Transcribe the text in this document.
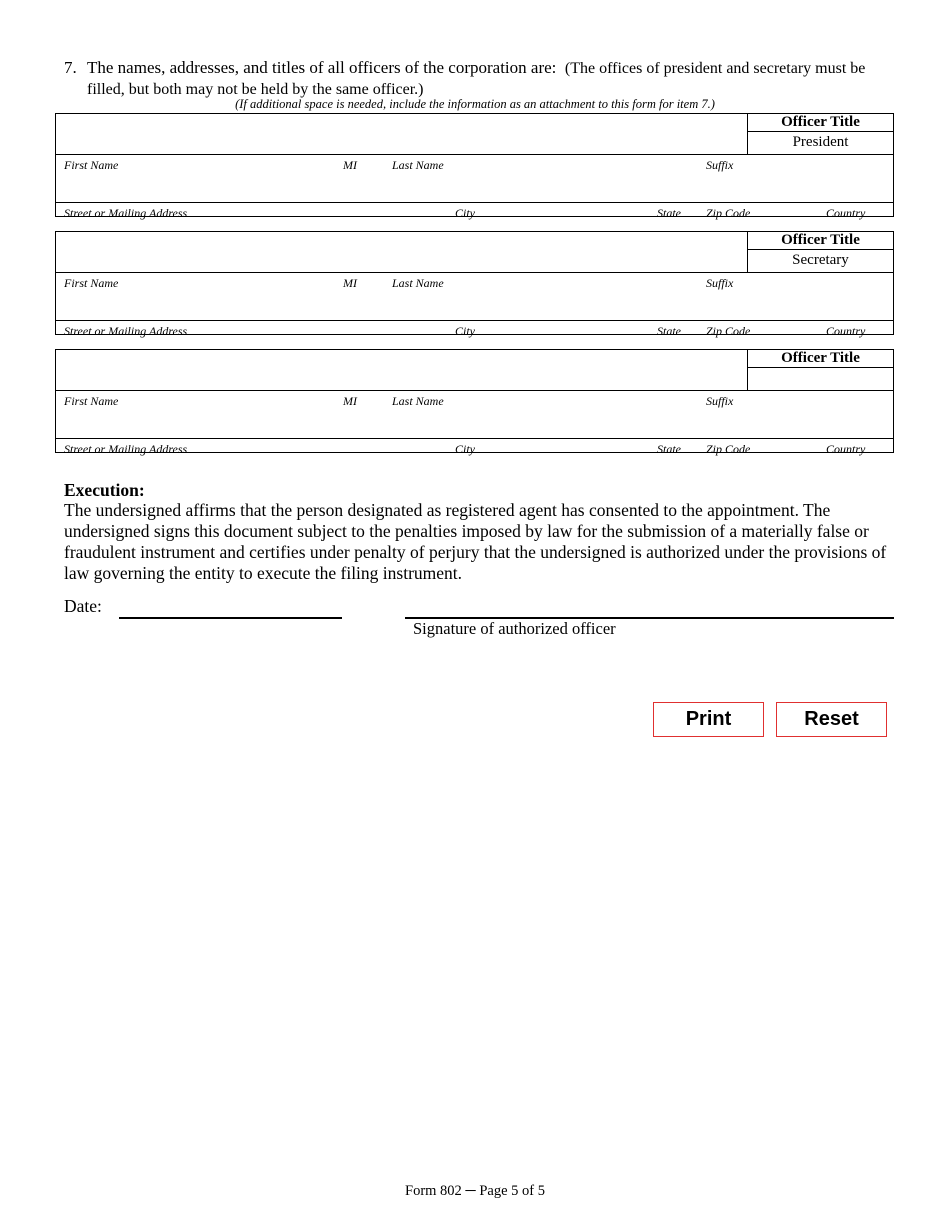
7. The names, addresses, and titles of all officers of the corporation are: (The offices of president and secretary must be filled, but both may not be held by the same officer.)
(If additional space is needed, include the information as an attachment to this form for item 7.)
Officer Title
President
First Name	MI	Last Name	Suffix
Street or Mailing Address	City	State Zip Code	Country
Officer Title
Secretary
First Name	MI	Last Name	Suffix
Street or Mailing Address	City	State Zip Code	Country
Officer Title
First Name	MI	Last Name	Suffix
Street or Mailing Address	City	State Zip Code	Country
Execution:
The undersigned affirms that the person designated as registered agent has consented to the appointment. The undersigned signs this document subject to the penalties imposed by law for the submission of a materially false or fraudulent instrument and certifies under penalty of perjury that the undersigned is authorized under the provisions of law governing the entity to execute the filing instrument.
Date:
Signature of authorized officer
Print	Reset
Form 802 ─ Page 5 of 5
